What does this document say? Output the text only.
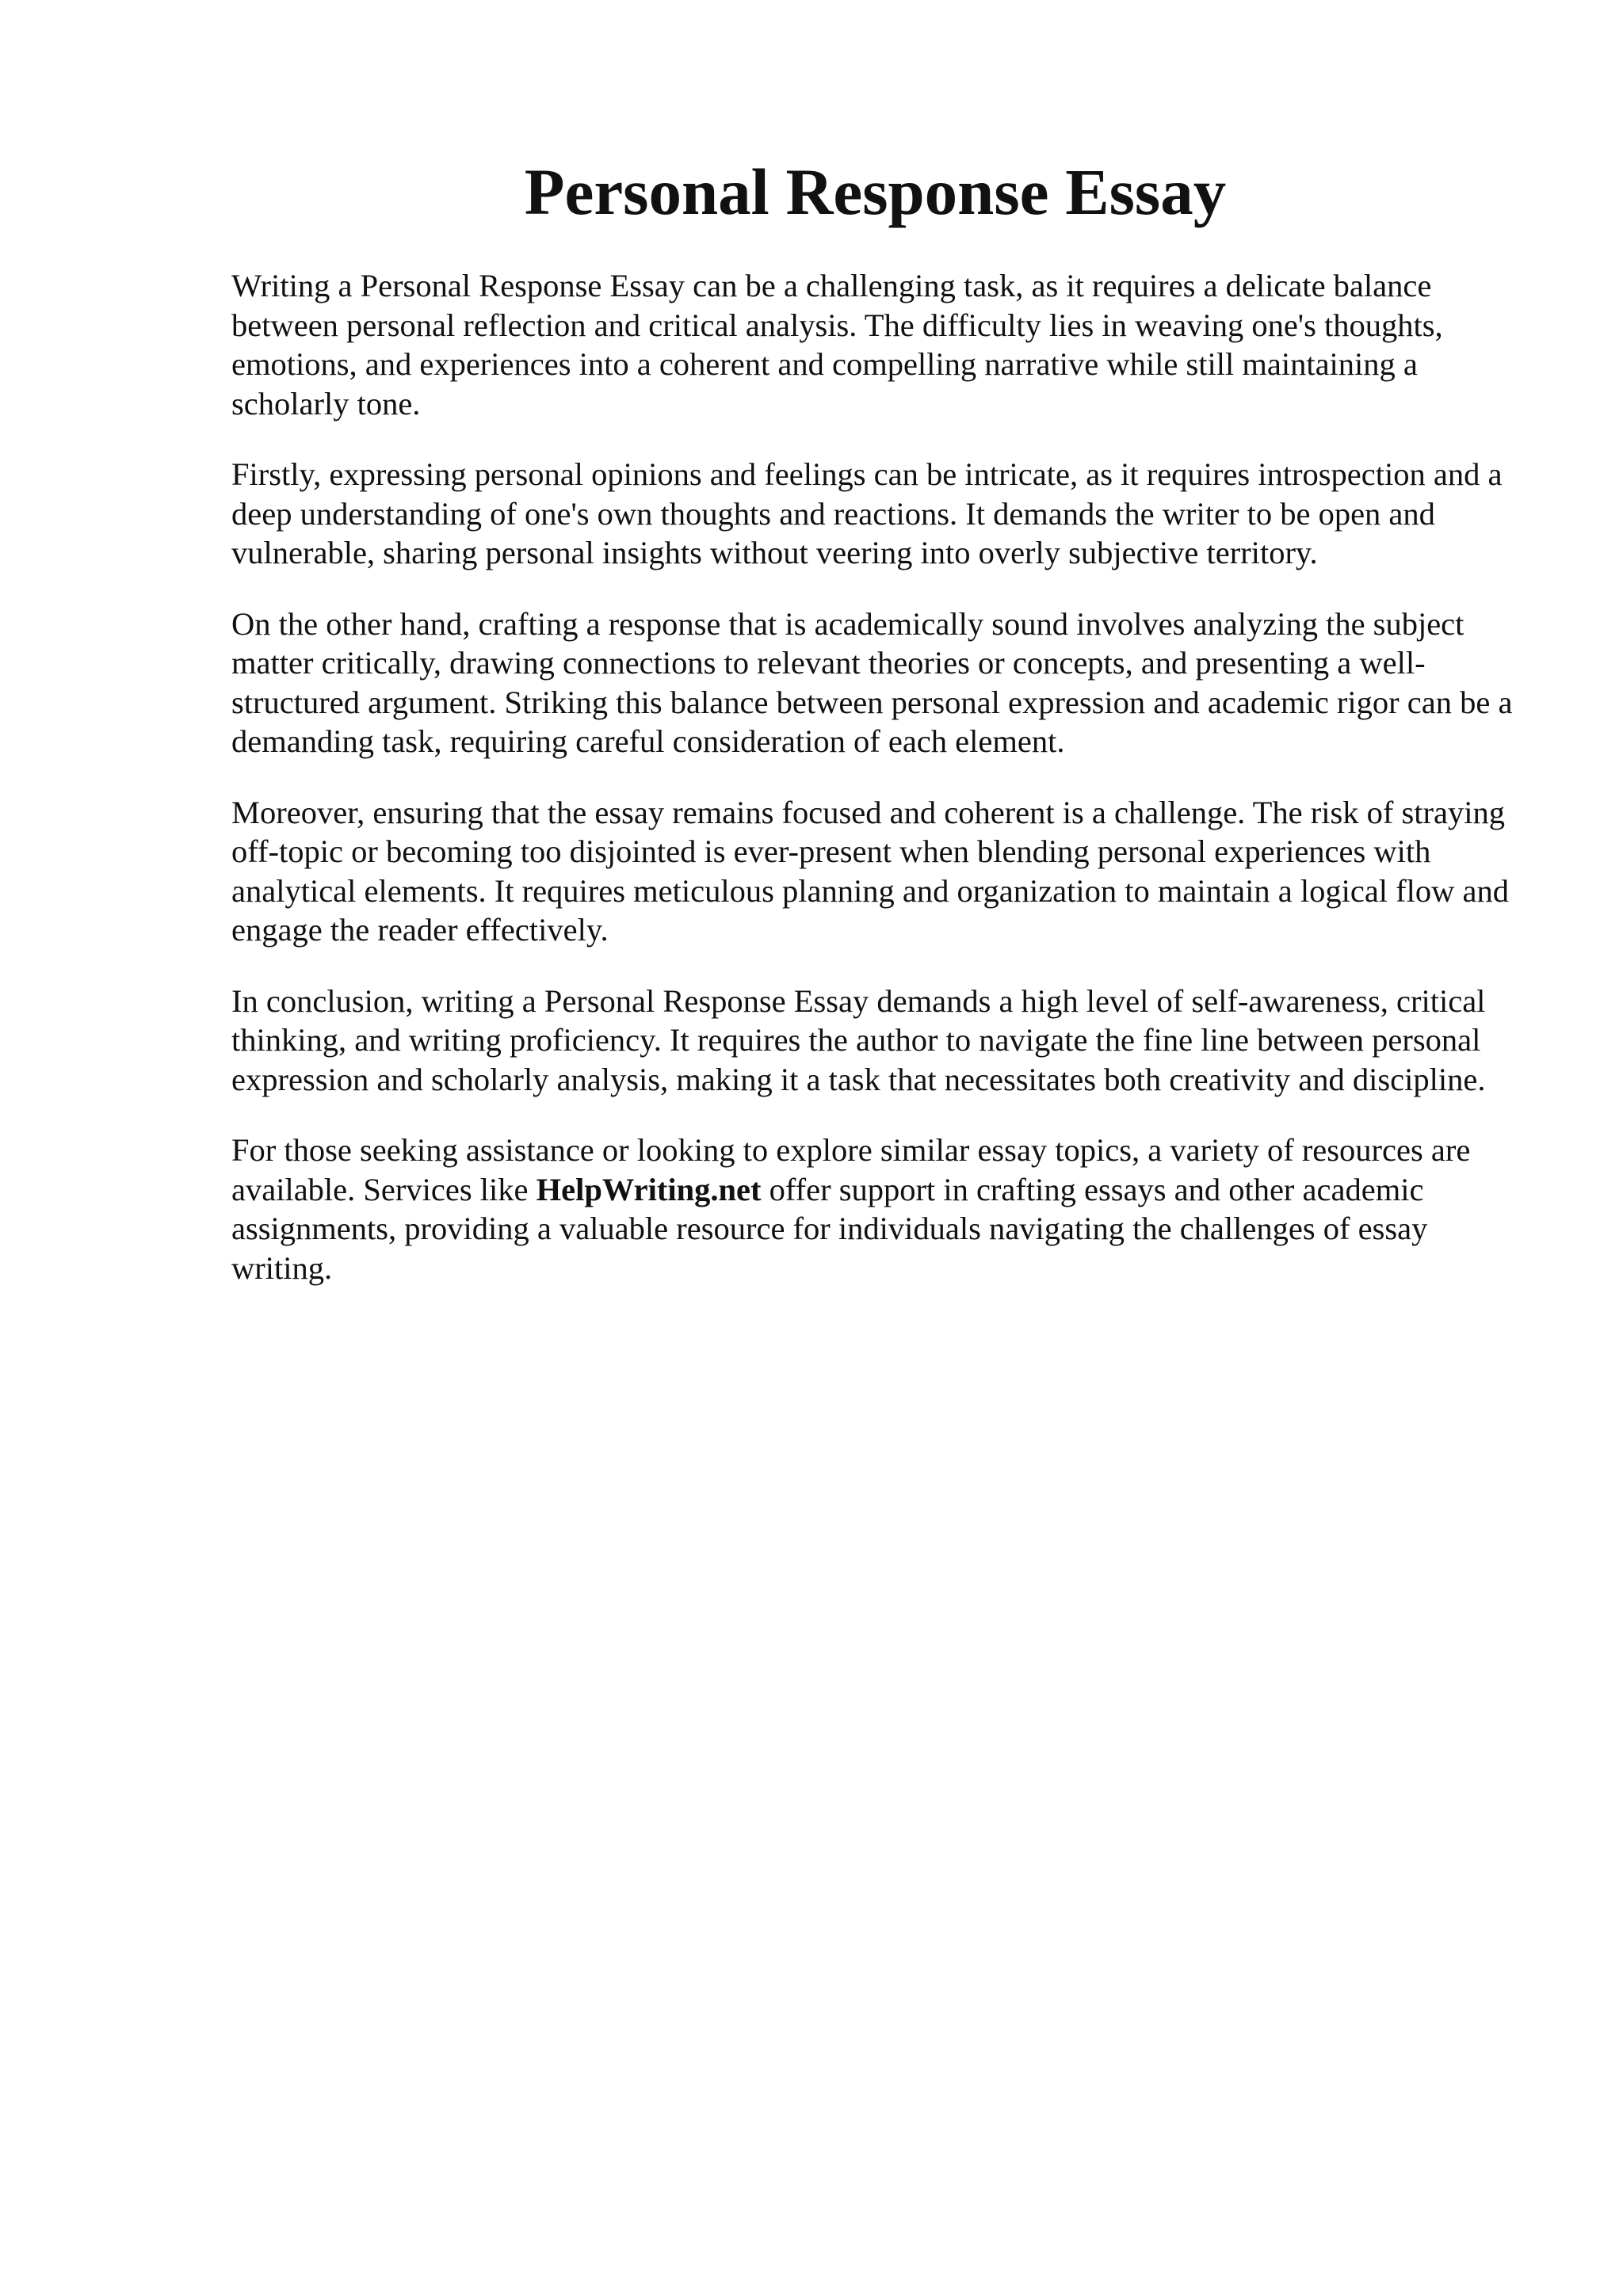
Personal Response Essay

Writing a Personal Response Essay can be a challenging task, as it requires a delicate balance between personal reflection and critical analysis. The difficulty lies in weaving one's thoughts, emotions, and experiences into a coherent and compelling narrative while still maintaining a scholarly tone.

Firstly, expressing personal opinions and feelings can be intricate, as it requires introspection and a deep understanding of one's own thoughts and reactions. It demands the writer to be open and vulnerable, sharing personal insights without veering into overly subjective territory.

On the other hand, crafting a response that is academically sound involves analyzing the subject matter critically, drawing connections to relevant theories or concepts, and presenting a well-structured argument. Striking this balance between personal expression and academic rigor can be a demanding task, requiring careful consideration of each element.

Moreover, ensuring that the essay remains focused and coherent is a challenge. The risk of straying off-topic or becoming too disjointed is ever-present when blending personal experiences with analytical elements. It requires meticulous planning and organization to maintain a logical flow and engage the reader effectively.

In conclusion, writing a Personal Response Essay demands a high level of self-awareness, critical thinking, and writing proficiency. It requires the author to navigate the fine line between personal expression and scholarly analysis, making it a task that necessitates both creativity and discipline.

For those seeking assistance or looking to explore similar essay topics, a variety of resources are available. Services like HelpWriting.net offer support in crafting essays and other academic assignments, providing a valuable resource for individuals navigating the challenges of essay writing.
